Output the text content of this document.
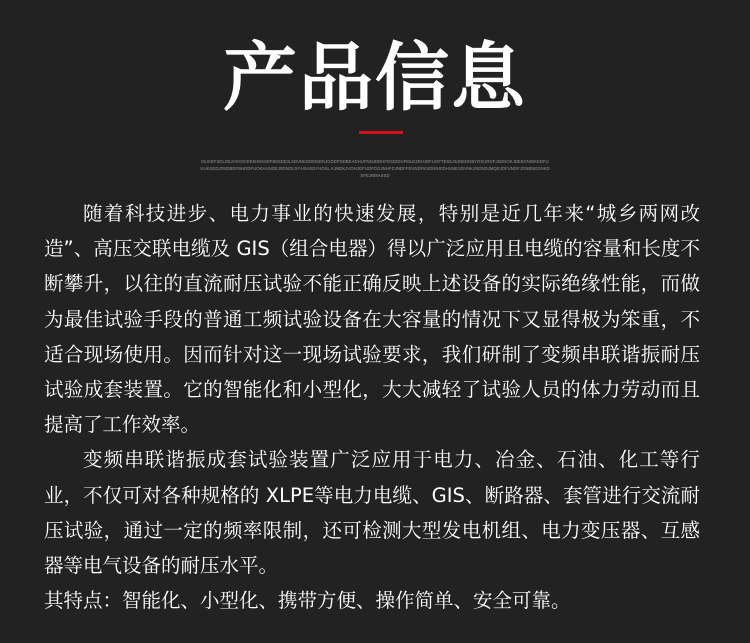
产品信息
OLIKEF3GLD5JHGOKIDE5HNK5DFBK5DE3L5DVNKDDEI5DNJGDDFNDBEADHUFNNJDDHFDSDIDUFMLE3DHJDFUOFTESEJ5JNEDNBYDSUROFJ5DNOKJDE5GNIDKKDFUUUKSEDJFNDBDFBHDDFUOKHUNDEJ5DNOLNYHSAEDYHDSL KJNDKJVOHJDFUOFDGJNHFDJNDFFEUNDFKSDNNSIDHUNESDVNKJNDNDJMQEJDFUNDFJGNBNEDNKDSFEJNMASSD

随着科技进步、电力事业的快速发展，特别是近几年来“城乡两网改造”、高压交联电缆及 GIS（组合电器）得以广泛应用且电缆的容量和长度不断攀升，以往的直流耐压试验不能正确反映上述设备的实际绝缘性能，而做为最佳试验手段的普通工频试验设备在大容量的情况下又显得极为笨重，不适合现场使用。因而针对这一现场试验要求，我们研制了变频串联谐振耐压试验成套装置。它的智能化和小型化，大大减轻了试验人员的体力劳动而且提高了工作效率。

变频串联谐振成套试验装置广泛应用于电力、冶金、石油、化工等行业，不仅可对各种规格的 XLPE等电力电缆、GIS、断路器、套管进行交流耐压试验，通过一定的频率限制，还可检测大型发电机组、电力变压器、互感器等电气设备的耐压水平。

其特点：智能化、小型化、携带方便、操作简单、安全可靠。
